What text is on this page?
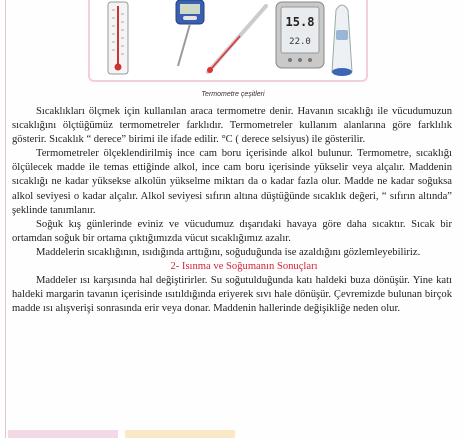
15.8
22.0
Termometre çeşitleri

Sıcaklıkları ölçmek için kullanılan araca termometre denir. Havanın sıcaklığı ile vücudumuzun sıcaklığını ölçtüğümüz termometreler farklıdır. Termometreler kullanım alanlarına göre farklılık gösterir. Sıcaklık “ derece” birimi ile ifade edilir. °C ( derece selsiyus) ile gösterilir.

Termometreler ölçeklendirilmiş ince cam boru içerisinde alkol bulunur. Termometre, sıcaklığı ölçülecek madde ile temas ettiğinde alkol, ince cam boru içerisinde yükselir veya alçalır. Maddenin sıcaklığı ne kadar yüksekse alkolün yükselme miktarı da o kadar fazla olur. Madde ne kadar soğuksa alkol seviyesi o kadar alçalır. Alkol seviyesi sıfırın altına düştüğünde sıcaklık değeri, “ sıfırın altında” şeklinde tanımlanır.

Soğuk kış günlerinde eviniz ve vücudumuz dışarıdaki havaya göre daha sıcaktır. Sıcak bir ortamdan soğuk bir ortama çıktığımızda vücut sıcaklığımız azalır.

Maddelerin sıcaklığının, ısıdığında arttığını, soğuduğunda ise azaldığını gözlemleyebiliriz.

2- Isınma ve Soğumanın Sonuçları

Maddeler ısı karşısında hal değiştirirler. Su soğutulduğunda katı haldeki buza dönüşür. Yine katı haldeki margarin tavanın içerisinde ısıtıldığında eriyerek sıvı hale dönüşür. Çevremizde bulunan birçok madde ısı alışverişi sonrasında erir veya donar. Maddenin hallerinde değişikliğe neden olur.
